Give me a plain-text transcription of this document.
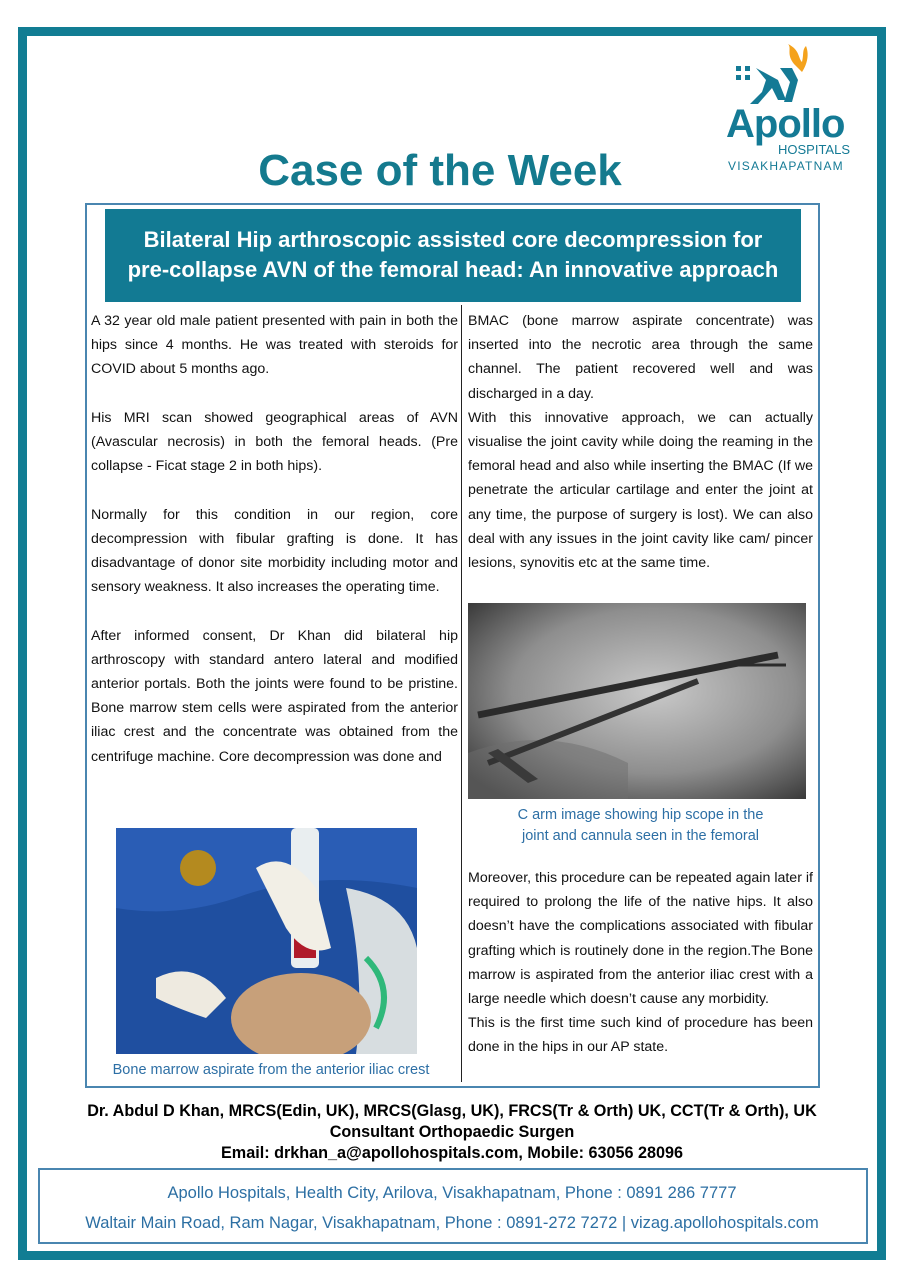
Apollo
HOSPITALS
VISAKHAPATNAM
Case of the Week
Bilateral Hip arthroscopic assisted core decompression for
pre-collapse AVN of the femoral head: An innovative approach

A 32 year old male patient presented with pain in both the hips since 4 months. He was treated with steroids for COVID about 5 months ago.

His MRI scan showed geographical areas of AVN (Avascular necrosis) in both the femoral heads. (Pre collapse - Ficat stage 2 in both hips).

Normally for this condition in our region, core decompression with fibular grafting is done. It has disadvantage of donor site morbidity including motor and sensory weakness. It also increases the operating time.

After informed consent, Dr Khan did bilateral hip arthroscopy with standard antero lateral and modified anterior portals. Both the joints were found to be pristine. Bone marrow stem cells were aspirated from the anterior iliac crest and the concentrate was obtained from the centrifuge machine. Core decompression was done and

BMAC (bone marrow aspirate concentrate) was inserted into the necrotic area through the same channel. The patient recovered well and was discharged in a day.

With this innovative approach, we can actually visualise the joint cavity while doing the reaming in the femoral head and also while inserting the BMAC (If we penetrate the articular cartilage and enter the joint at any time, the purpose of surgery is lost). We can also deal with any issues in the joint cavity like cam/ pincer lesions, synovitis etc at the same time.

C arm image showing hip scope in the
joint and cannula seen in the femoral

Moreover, this procedure can be repeated again later if required to prolong the life of the native hips. It also doesn’t have the complications associated with fibular grafting which is routinely done in the region.The Bone marrow is aspirated from the anterior iliac crest with a large needle which doesn’t cause any morbidity.

This is the first time such kind of procedure has been done in the hips in our AP state.

Bone marrow aspirate from the anterior iliac crest
Dr. Abdul D Khan, MRCS(Edin, UK), MRCS(Glasg, UK), FRCS(Tr & Orth) UK, CCT(Tr & Orth), UK
Consultant Orthopaedic Surgen
Email: drkhan_a@apollohospitals.com, Mobile: 63056 28096
Apollo Hospitals, Health City, Arilova, Visakhapatnam, Phone : 0891 286 7777
Waltair Main Road, Ram Nagar, Visakhapatnam, Phone : 0891-272 7272 | vizag.apollohospitals.com
